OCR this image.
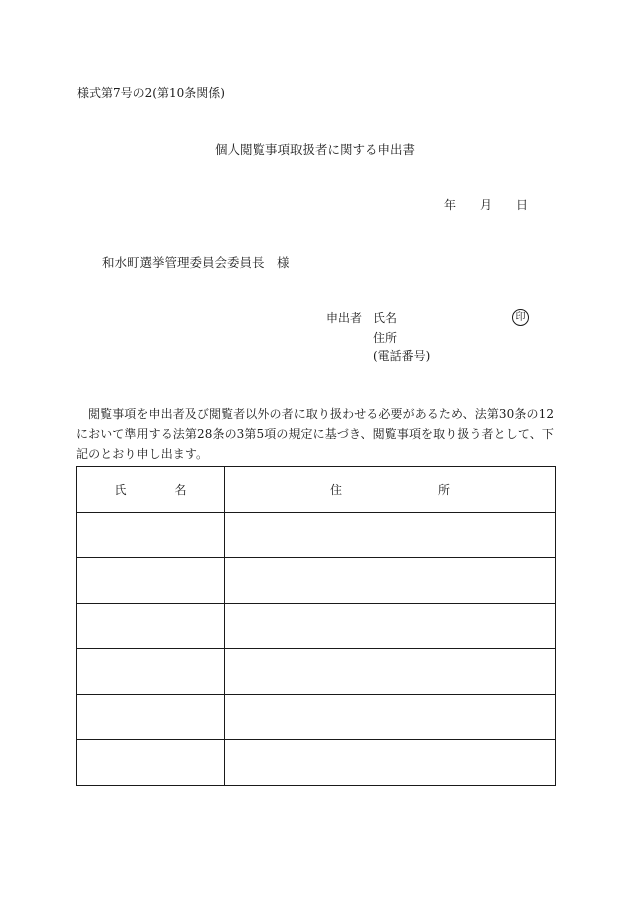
様式第7号の2(第10条関係)
個人閲覧事項取扱者に関する申出書
年 月 日
和水町選挙管理委員会委員長　様
申出者 氏名	印
住所
(電話番号)
閲覧事項を申出者及び閲覧者以外の者に取り扱わせる必要があるため、法第30条の12において準用する法第28条の3第5項の規定に基づき、閲覧事項を取り扱う者として、下記のとおり申し出ます。
氏 名	住 所
